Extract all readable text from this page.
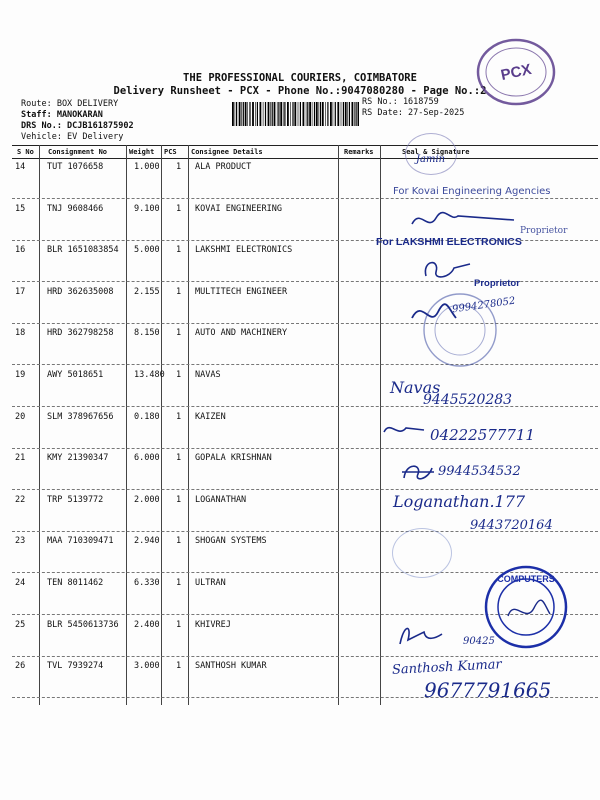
THE PROFESSIONAL COURIERS, COIMBATORE
Delivery Runsheet - PCX - Phone No.:9047080280 - Page No.:2
Route: BOX DELIVERY
Staff: MANOKARAN
DRS No.: DCJB161875902
Vehicle: EV Delivery
RS No.: 1618759
RS Date: 27-Sep-2025
PCX
S No Consignment No	Weight PCS Consignee Details	Remarks	Seal & Signature
14	TUT 1076658	1.000 1 ALA PRODUCT
15	TNJ 9608466	9.100 1 KOVAI ENGINEERING
16	BLR 1651083854 5.000 1 LAKSHMI ELECTRONICS
17	HRD 362635008 2.155 1 MULTITECH ENGINEER
18	HRD 362798258 8.150 1 AUTO AND MACHINERY
19	AWY 5018651	13.480 1 NAVAS
20	SLM 378967656 0.180 1 KAIZEN
21	KMY 21390347	6.000 1 GOPALA KRISHNAN
22	TRP 5139772	2.000 1 LOGANATHAN
23	MAA 710309471 2.940 1 SHOGAN SYSTEMS
24	TEN 8011462	6.330 1 ULTRAN
25	BLR 5450613736 2.400 1 KHIVREJ
26	TVL 7939274	3.000 1 SANTHOSH KUMAR
Jamin
For Kovai Engineering Agencies
Proprietor
For LAKSHMI ELECTRONICS
Proprietor
9994278052
Navas
9445520283
04222577711
9944534532
Loganathan.177
9443720164
COMPUTERS
90425
Santhosh Kumar
9677791665
